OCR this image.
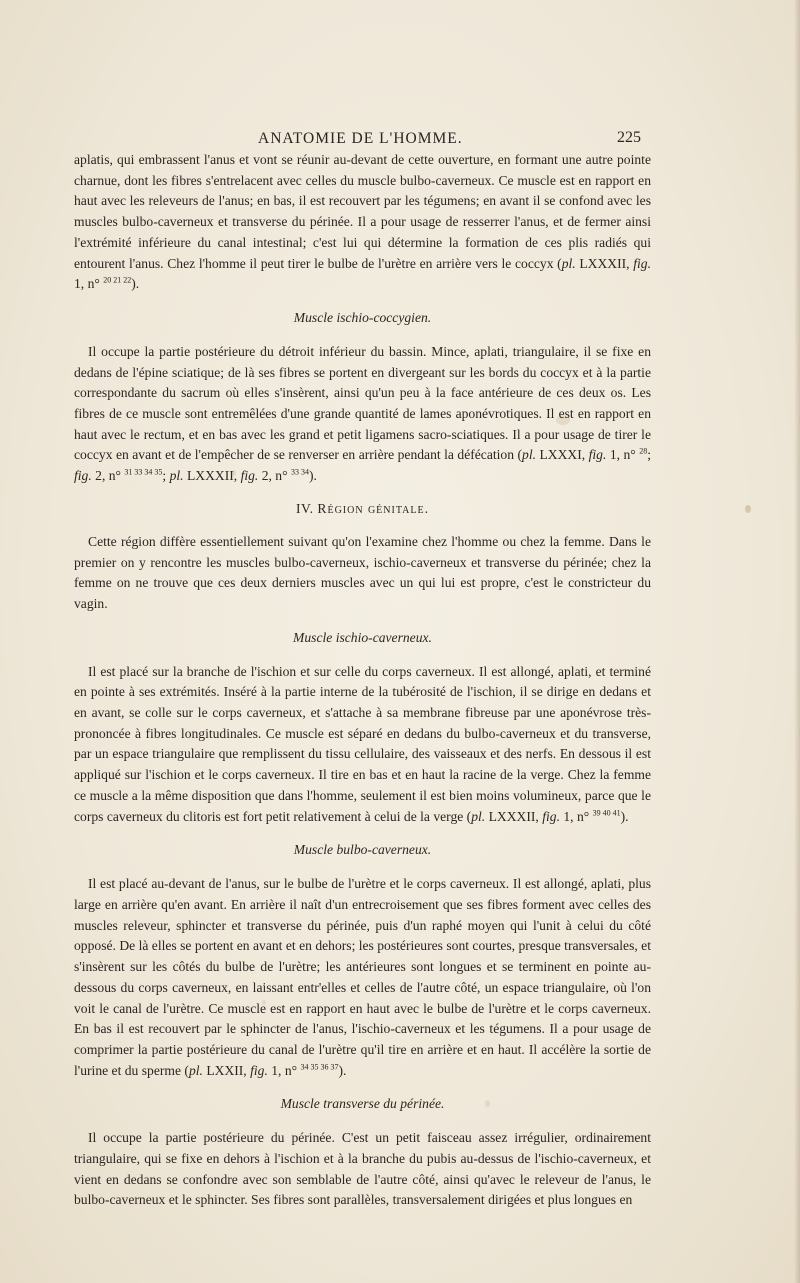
ANATOMIE DE L'HOMME.	225

aplatis, qui embrassent l'anus et vont se réunir au-devant de cette ouverture, en formant une autre pointe charnue, dont les fibres s'entrelacent avec celles du muscle bulbo-caverneux. Ce muscle est en rapport en haut avec les releveurs de l'anus; en bas, il est recouvert par les tégumens; en avant il se confond avec les muscles bulbo-caverneux et transverse du périnée. Il a pour usage de resserrer l'anus, et de fermer ainsi l'extrémité inférieure du canal intestinal; c'est lui qui détermine la formation de ces plis radiés qui entourent l'anus. Chez l'homme il peut tirer le bulbe de l'urètre en arrière vers le coccyx (pl. LXXXII, fig. 1, n° $^{20 21 22}$).

Muscle ischio-coccygien.

Il occupe la partie postérieure du détroit inférieur du bassin. Mince, aplati, triangulaire, il se fixe en dedans de l'épine sciatique; de là ses fibres se portent en divergeant sur les bords du coccyx et à la partie correspondante du sacrum où elles s'insèrent, ainsi qu'un peu à la face antérieure de ces deux os. Les fibres de ce muscle sont entremêlées d'une grande quantité de lames aponévrotiques. Il est en rapport en haut avec le rectum, et en bas avec les grand et petit ligamens sacro-sciatiques. Il a pour usage de tirer le coccyx en avant et de l'empêcher de se renverser en arrière pendant la défécation (pl. LXXXI, fig. 1, n° $^{28}$; fig. 2, n° $^{31 33 34 35}$; pl. LXXXII, fig. 2, n° $^{33 34}$).

IV. Région génitale.

Cette région diffère essentiellement suivant qu'on l'examine chez l'homme ou chez la femme. Dans le premier on y rencontre les muscles bulbo-caverneux, ischio-caverneux et transverse du périnée; chez la femme on ne trouve que ces deux derniers muscles avec un qui lui est propre, c'est le constricteur du vagin.

Muscle ischio-caverneux.

Il est placé sur la branche de l'ischion et sur celle du corps caverneux. Il est allongé, aplati, et terminé en pointe à ses extrémités. Inséré à la partie interne de la tubérosité de l'ischion, il se dirige en dedans et en avant, se colle sur le corps caverneux, et s'attache à sa membrane fibreuse par une aponévrose très-prononcée à fibres longitudinales. Ce muscle est séparé en dedans du bulbo-caverneux et du transverse, par un espace triangulaire que remplissent du tissu cellulaire, des vaisseaux et des nerfs. En dessous il est appliqué sur l'ischion et le corps caverneux. Il tire en bas et en haut la racine de la verge. Chez la femme ce muscle a la même disposition que dans l'homme, seulement il est bien moins volumineux, parce que le corps caverneux du clitoris est fort petit relativement à celui de la verge (pl. LXXXII, fig. 1, n° $^{39 40 41}$).

Muscle bulbo-caverneux.

Il est placé au-devant de l'anus, sur le bulbe de l'urètre et le corps caverneux. Il est allongé, aplati, plus large en arrière qu'en avant. En arrière il naît d'un entrecroisement que ses fibres forment avec celles des muscles releveur, sphincter et transverse du périnée, puis d'un raphé moyen qui l'unit à celui du côté opposé. De là elles se portent en avant et en dehors; les postérieures sont courtes, presque transversales, et s'insèrent sur les côtés du bulbe de l'urètre; les antérieures sont longues et se terminent en pointe au-dessous du corps caverneux, en laissant entr'elles et celles de l'autre côté, un espace triangulaire, où l'on voit le canal de l'urètre. Ce muscle est en rapport en haut avec le bulbe de l'urètre et le corps caverneux. En bas il est recouvert par le sphincter de l'anus, l'ischio-caverneux et les tégumens. Il a pour usage de comprimer la partie postérieure du canal de l'urètre qu'il tire en arrière et en haut. Il accélère la sortie de l'urine et du sperme (pl. LXXII, fig. 1, n° $^{34 35 36 37}$).

Muscle transverse du périnée.

Il occupe la partie postérieure du périnée. C'est un petit faisceau assez irrégulier, ordinairement triangulaire, qui se fixe en dehors à l'ischion et à la branche du pubis au-dessus de l'ischio-caverneux, et vient en dedans se confondre avec son semblable de l'autre côté, ainsi qu'avec le releveur de l'anus, le bulbo-caverneux et le sphincter. Ses fibres sont parallèles, transversalement dirigées et plus longues en
